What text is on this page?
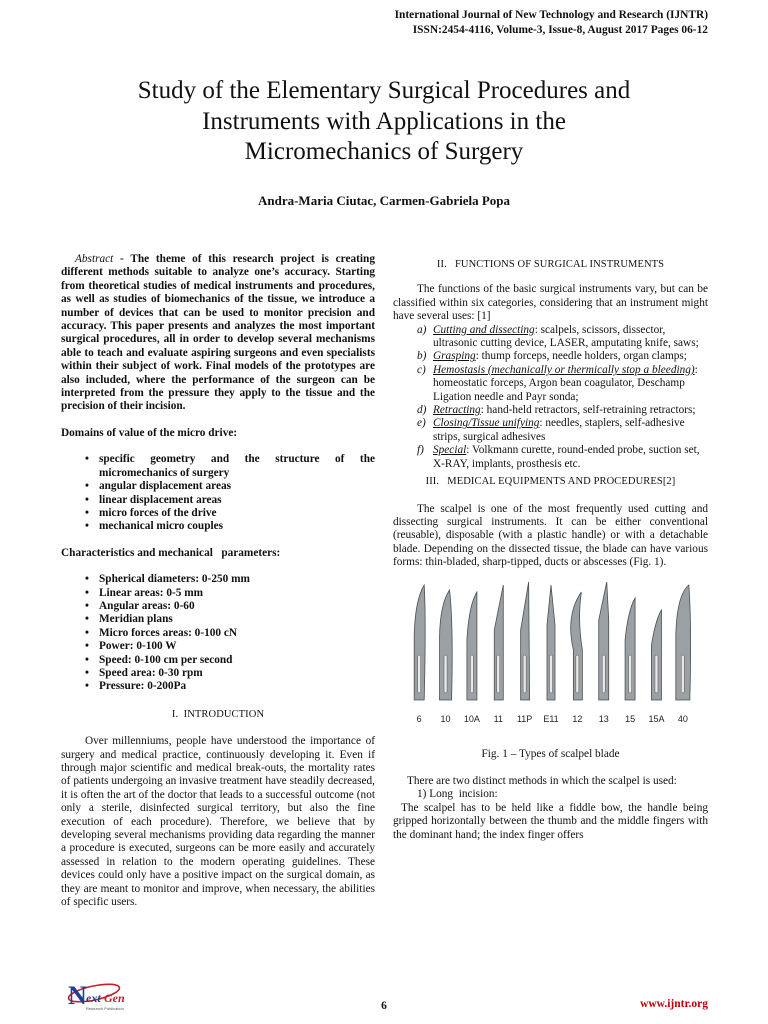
International Journal of New Technology and Research (IJNTR)
ISSN:2454-4116, Volume-3, Issue-8, August 2017 Pages 06-12
Study of the Elementary Surgical Procedures and
Instruments with Applications in the
Micromechanics of Surgery
Andra-Maria Ciutac, Carmen-Gabriela Popa

Abstract - The theme of this research project is creating different methods suitable to analyze one’s accuracy. Starting from theoretical studies of medical instruments and procedures, as well as studies of biomechanics of the tissue, we introduce a number of devices that can be used to monitor precision and accuracy. This paper presents and analyzes the most important surgical procedures, all in order to develop several mechanisms able to teach and evaluate aspiring surgeons and even specialists within their subject of work. Final models of the prototypes are also included, where the performance of the surgeon can be interpreted from the pressure they apply to the tissue and the precision of their incision.

Domains of value of the micro drive:

• specific geometry and the structure of the micromechanics of surgery
• angular displacement areas
• linear displacement areas
• micro forces of the drive
• mechanical micro couples

Characteristics and mechanical   parameters:

• Spherical diameters: 0-250 mm
• Linear areas: 0-5 mm
• Angular areas: 0-60
• Meridian plans
• Micro forces areas: 0-100 cN
• Power: 0-100 W
• Speed: 0-100 cm per second
• Speed area: 0-30 rpm
• Pressure: 0-200Pa

I.  INTRODUCTION

Over millenniums, people have understood the importance of surgery and medical practice, continuously developing it. Even if through major scientific and medical break-outs, the mortality rates of patients undergoing an invasive treatment have steadily decreased, it is often the art of the doctor that leads to a successful outcome (not only a sterile, disinfected surgical territory, but also the fine execution of each procedure). Therefore, we believe that by developing several mechanisms providing data regarding the manner a procedure is executed, surgeons can be more easily and accurately assessed in relation to the modern operating guidelines. These devices could only have a positive impact on the surgical domain, as they are meant to monitor and improve, when necessary, the abilities of specific users.

II.   FUNCTIONS OF SURGICAL INSTRUMENTS

The functions of the basic surgical instruments vary, but can be classified within six categories, considering that an instrument might have several uses: [1]

a) Cutting and dissecting: scalpels, scissors, dissector, ultrasonic cutting device, LASER, amputating knife, saws;
b) Grasping: thump forceps, needle holders, organ clamps;
c) Hemostasis (mechanically or thermically stop a bleeding): homeostatic forceps, Argon bean coagulator, Deschamp Ligation needle and Payr sonda;
d) Retracting: hand-held retractors, self-retraining retractors;
e) Closing/Tissue unifying: needles, staplers, self-adhesive strips, surgical adhesives
f) Special: Volkmann curette, round-ended probe, suction set, X-RAY, implants, prosthesis etc.

III.   MEDICAL EQUIPMENTS AND PROCEDURES[2]

The scalpel is one of the most frequently used cutting and dissecting surgical instruments. It can be either conventional (reusable), disposable (with a plastic handle) or with a detachable blade. Depending on the dissected tissue, the blade can have various forms: thin-bladed, sharp-tipped, ducts or abscesses (Fig. 1).

6 10 10A 11 11P E11 12 13 15 15A 40

Fig. 1 – Types of scalpel blade

There are two distinct methods in which the scalpel is used:

1) Long  incision:

The scalpel has to be held like a fiddle bow, the handle being gripped horizontally between the thumb and the middle fingers with the dominant hand; the index finger offers

N ext Gen
Research Publication	6	www.ijntr.org
